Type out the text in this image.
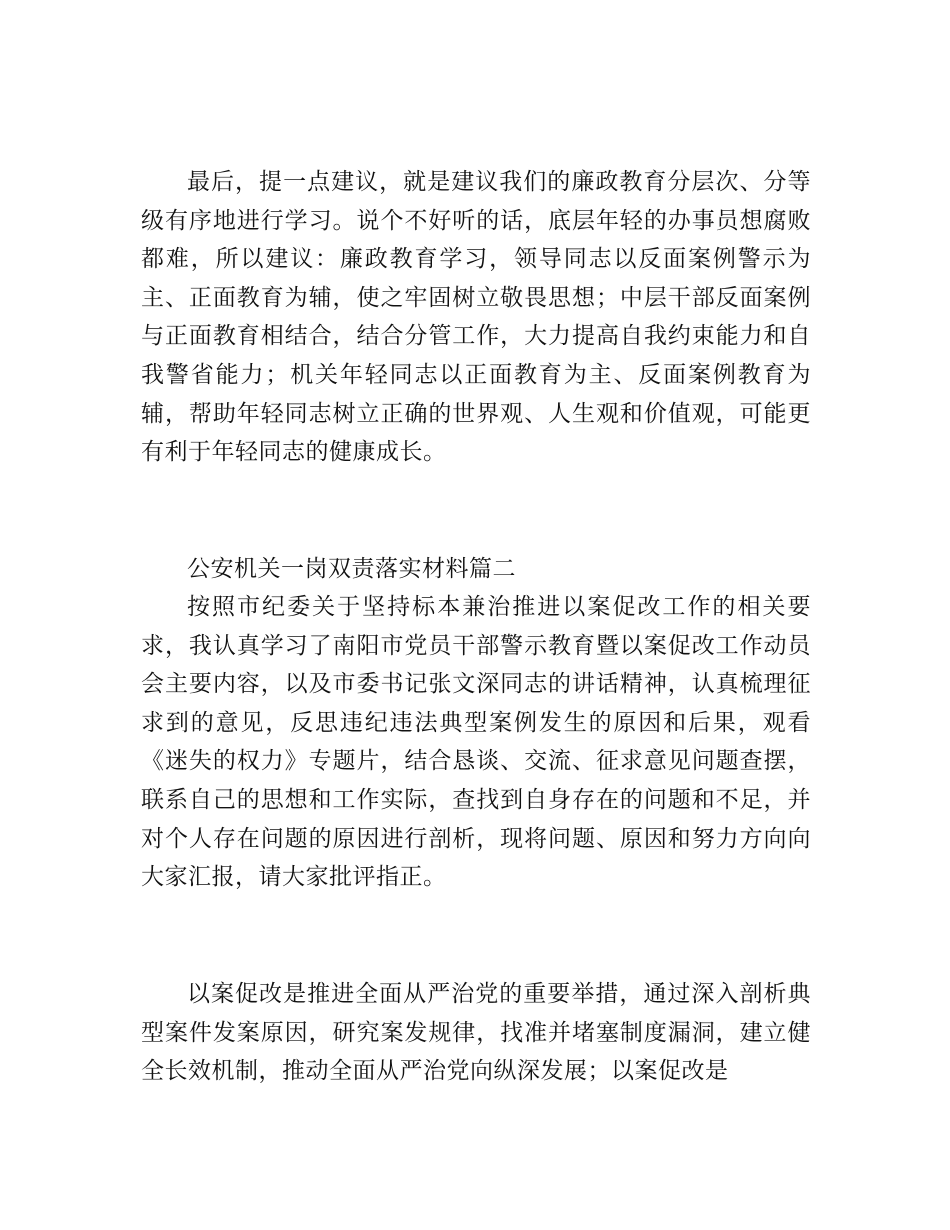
最后，提一点建议，就是建议我们的廉政教育分层次、分等级有序地进行学习。说个不好听的话，底层年轻的办事员想腐败都难，所以建议：廉政教育学习，领导同志以反面案例警示为主、正面教育为辅，使之牢固树立敬畏思想；中层干部反面案例与正面教育相结合，结合分管工作，大力提高自我约束能力和自我警省能力；机关年轻同志以正面教育为主、反面案例教育为辅，帮助年轻同志树立正确的世界观、人生观和价值观，可能更有利于年轻同志的健康成长。

公安机关一岗双责落实材料篇二

按照市纪委关于坚持标本兼治推进以案促改工作的相关要求，我认真学习了南阳市党员干部警示教育暨以案促改工作动员会主要内容，以及市委书记张文深同志的讲话精神，认真梳理征求到的意见，反思违纪违法典型案例发生的原因和后果，观看《迷失的权力》专题片，结合恳谈、交流、征求意见问题查摆，联系自己的思想和工作实际，查找到自身存在的问题和不足，并对个人存在问题的原因进行剖析，现将问题、原因和努力方向向大家汇报，请大家批评指正。

以案促改是推进全面从严治党的重要举措，通过深入剖析典型案件发案原因，研究案发规律，找准并堵塞制度漏洞，建立健全长效机制，推动全面从严治党向纵深发展；以案促改是
